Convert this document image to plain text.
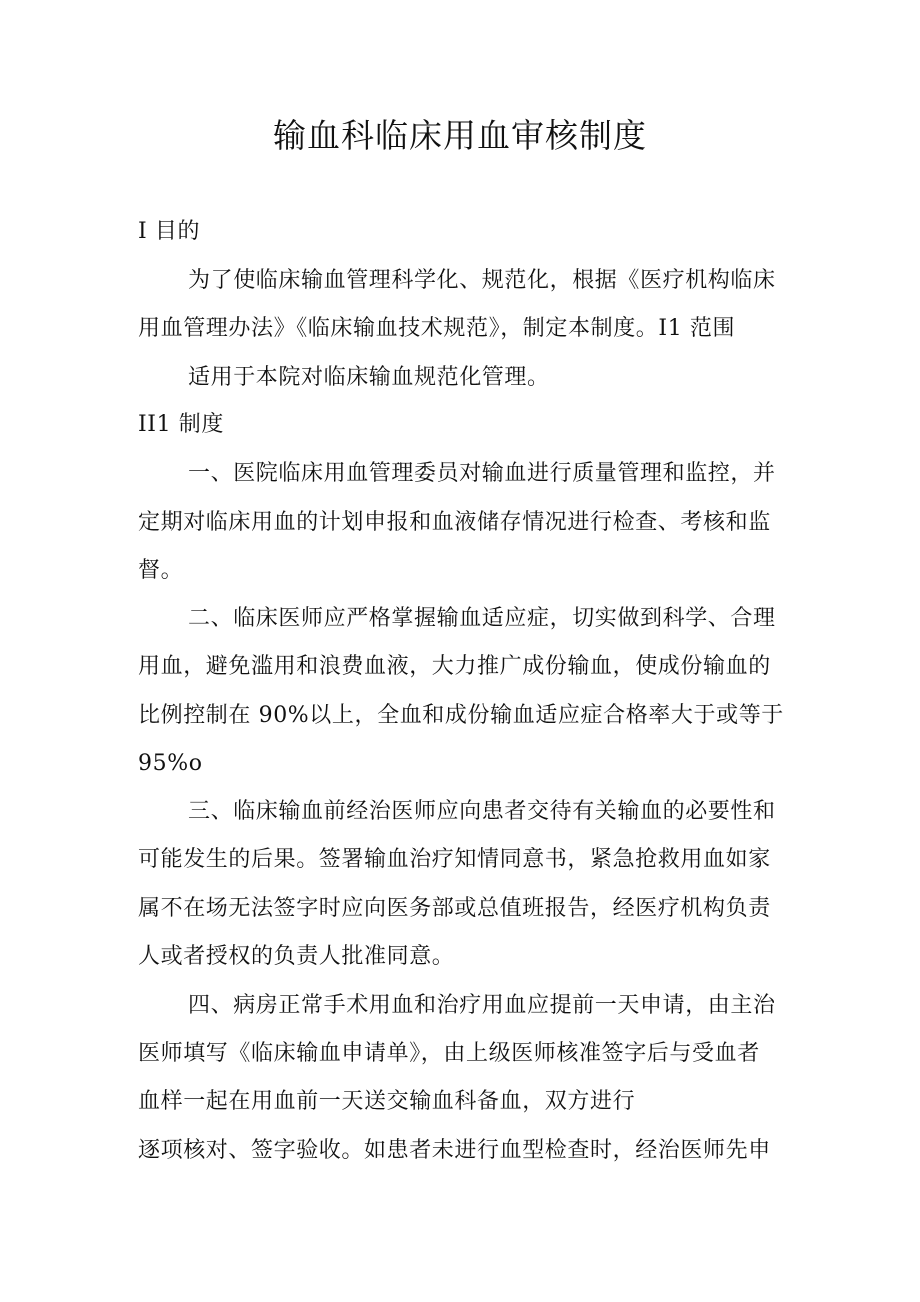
输血科临床用血审核制度
I 目的
为了使临床输血管理科学化、规范化，根据《医疗机构临床
用血管理办法》《临床输血技术规范》，制定本制度。I1 范围
适用于本院对临床输血规范化管理。
II1 制度
一、医院临床用血管理委员对输血进行质量管理和监控，并
定期对临床用血的计划申报和血液储存情况进行检查、考核和监
督。
二、临床医师应严格掌握输血适应症，切实做到科学、合理
用血，避免滥用和浪费血液，大力推广成份输血，使成份输血的
比例控制在 90%以上，全血和成份输血适应症合格率大于或等于
95%o
三、临床输血前经治医师应向患者交待有关输血的必要性和
可能发生的后果。签署输血治疗知情同意书，紧急抢救用血如家
属不在场无法签字时应向医务部或总值班报告，经医疗机构负责
人或者授权的负责人批准同意。
四、病房正常手术用血和治疗用血应提前一天申请，由主治
医师填写《临床输血申请单》，由上级医师核准签字后与受血者
血样一起在用血前一天送交输血科备血，双方进行
逐项核对、签字验收。如患者未进行血型检查时，经治医师先申
